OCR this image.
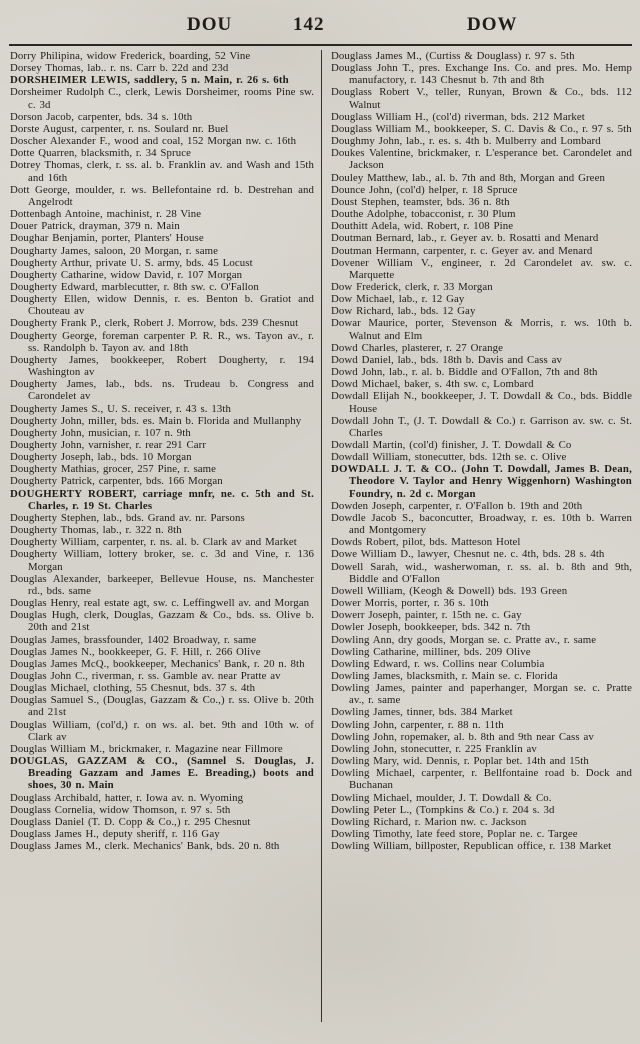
DOU	142	DOW

Dorry Philipina, widow Frederick, boarding, 52 Vine

Dorsey Thomas, lab.. r. ns. Carr b. 22d and 23d

DORSHEIMER LEWIS, saddlery, 5 n. Main, r. 26 s. 6th

Dorsheimer Rudolph C., clerk, Lewis Dorsheimer, rooms Pine sw. c. 3d

Dorson Jacob, carpenter, bds. 34 s. 10th

Dorste August, carpenter, r. ns. Soulard nr. Buel

Doscher Alexander F., wood and coal, 152 Morgan nw. c. 16th

Dotte Quarren, blacksmith, r. 34 Spruce

Dotrey Thomas, clerk, r. ss. al. b. Franklin av. and Wash and 15th and 16th

Dott George, moulder, r. ws. Bellefontaine rd. b. Destrehan and Angelrodt

Dottenbagh Antoine, machinist, r. 28 Vine

Douer Patrick, drayman, 379 n. Main

Doughar Benjamin, porter, Planters' House

Dougharty James, saloon, 20 Morgan, r. same

Dougherty Arthur, private U. S. army, bds. 45 Locust

Dougherty Catharine, widow David, r. 107 Morgan

Dougherty Edward, marblecutter, r. 8th sw. c. O'Fallon

Dougherty Ellen, widow Dennis, r. es. Benton b. Gratiot and Chouteau av

Dougherty Frank P., clerk, Robert J. Morrow, bds. 239 Chesnut

Dougherty George, foreman carpenter P. R. R., ws. Tayon av., r. ss. Randolph b. Tayon av. and 18th

Dougherty James, bookkeeper, Robert Dougherty, r. 194 Washington av

Dougherty James, lab., bds. ns. Trudeau b. Congress and Carondelet av

Dougherty James S., U. S. receiver, r. 43 s. 13th

Dougherty John, miller, bds. es. Main b. Florida and Mullanphy

Dougherty John, musician, r. 107 n. 9th

Dougherty John, varnisher, r. rear 291 Carr

Dougherty Joseph, lab., bds. 10 Morgan

Dougherty Mathias, grocer, 257 Pine, r. same

Dougherty Patrick, carpenter, bds. 166 Morgan

DOUGHERTY ROBERT, carriage mnfr, ne. c. 5th and St. Charles, r. 19 St. Charles

Dougherty Stephen, lab., bds. Grand av. nr. Parsons

Dougherty Thomas, lab., r. 322 n. 8th

Dougherty William, carpenter, r. ns. al. b. Clark av and Market

Dougherty William, lottery broker, se. c. 3d and Vine, r. 136 Morgan

Douglas Alexander, barkeeper, Bellevue House, ns. Manchester rd., bds. same

Douglas Henry, real estate agt, sw. c. Leffingwell av. and Morgan

Douglas Hugh, clerk, Douglas, Gazzam & Co., bds. ss. Olive b. 20th and 21st

Douglas James, brassfounder, 1402 Broadway, r. same

Douglas James N., bookkeeper, G. F. Hill, r. 266 Olive

Douglas James McQ., bookkeeper, Mechanics' Bank, r. 20 n. 8th

Douglas John C., riverman, r. ss. Gamble av. near Pratte av

Douglas Michael, clothing, 55 Chesnut, bds. 37 s. 4th

Douglas Samuel S., (Douglas, Gazzam & Co.,) r. ss. Olive b. 20th and 21st

Douglas William, (col'd,) r. on ws. al. bet. 9th and 10th w. of Clark av

Douglas William M., brickmaker, r. Magazine near Fillmore

DOUGLAS, GAZZAM & CO., (Samnel S. Douglas, J. Breading Gazzam and James E. Breading,) boots and shoes, 30 n. Main

Douglass Archibald, hatter, r. Iowa av. n. Wyoming

Douglass Cornelia, widow Thomson, r. 97 s. 5th

Douglass Daniel (T. D. Copp & Co.,) r. 295 Chesnut

Douglass James H., deputy sheriff, r. 116 Gay

Douglass James M., clerk. Mechanics' Bank, bds. 20 n. 8th

Douglass James M., (Curtiss & Douglass) r. 97 s. 5th

Douglass John T., pres. Exchange Ins. Co. and pres. Mo. Hemp manufactory, r. 143 Chesnut b. 7th and 8th

Douglass Robert V., teller, Runyan, Brown & Co., bds. 112 Walnut

Douglass William H., (col'd) riverman, bds. 212 Market

Douglass William M., bookkeeper, S. C. Davis & Co., r. 97 s. 5th

Doughmy John, lab., r. es. s. 4th b. Mulberry and Lombard

Doukes Valentine, brickmaker, r. L'esperance bet. Carondelet and Jackson

Douley Matthew, lab., al. b. 7th and 8th, Morgan and Green

Dounce John, (col'd) helper, r. 18 Spruce

Doust Stephen, teamster, bds. 36 n. 8th

Douthe Adolphe, tobacconist, r. 30 Plum

Douthitt Adela, wid. Robert, r. 108 Pine

Doutman Bernard, lab., r. Geyer av. b. Rosatti and Menard

Doutman Hermann, carpenter, r. c. Geyer av. and Menard

Dovener William V., engineer, r. 2d Carondelet av. sw. c. Marquette

Dow Frederick, clerk, r. 33 Morgan

Dow Michael, lab., r. 12 Gay

Dow Richard, lab., bds. 12 Gay

Dowar Maurice, porter, Stevenson & Morris, r. ws. 10th b. Walnut and Elm

Dowd Charles, plasterer, r. 27 Orange

Dowd Daniel, lab., bds. 18th b. Davis and Cass av

Dowd John, lab., r. al. b. Biddle and O'Fallon, 7th and 8th

Dowd Michael, baker, s. 4th sw. c, Lombard

Dowdall Elijah N., bookkeeper, J. T. Dowdall & Co., bds. Biddle House

Dowdall John T., (J. T. Dowdall & Co.) r. Garrison av. sw. c. St. Charles

Dowdall Martin, (col'd) finisher, J. T. Dowdall & Co

Dowdall William, stonecutter, bds. 12th se. c. Olive

DOWDALL J. T. & CO.. (John T. Dowdall, James B. Dean, Theodore V. Taylor and Henry Wiggenhorn) Washington Foundry, n. 2d c. Morgan

Dowden Joseph, carpenter, r. O'Fallon b. 19th and 20th

Dowdle Jacob S., baconcutter, Broadway, r. es. 10th b. Warren and Montgomery

Dowds Robert, pilot, bds. Matteson Hotel

Dowe William D., lawyer, Chesnut ne. c. 4th, bds. 28 s. 4th

Dowell Sarah, wid., washerwoman, r. ss. al. b. 8th and 9th, Biddle and O'Fallon

Dowell William, (Keogh & Dowell) bds. 193 Green

Dower Morris, porter, r. 36 s. 10th

Dowerr Joseph, painter, r. 15th ne. c. Gay

Dowler Joseph, bookkeeper, bds. 342 n. 7th

Dowling Ann, dry goods, Morgan se. c. Pratte av., r. same

Dowling Catharine, milliner, bds. 209 Olive

Dowling Edward, r. ws. Collins near Columbia

Dowling James, blacksmith, r. Main se. c. Florida

Dowling James, painter and paperhanger, Morgan se. c. Pratte av., r. same

Dowling James, tinner, bds. 384 Market

Dowling John, carpenter, r. 88 n. 11th

Dowling John, ropemaker, al. b. 8th and 9th near Cass av

Dowling John, stonecutter, r. 225 Franklin av

Dowling Mary, wid. Dennis, r. Poplar bet. 14th and 15th

Dowling Michael, carpenter, r. Bellfontaine road b. Dock and Buchanan

Dowling Michael, moulder, J. T. Dowdall & Co.

Dowling Peter L., (Tompkins & Co.) r. 204 s. 3d

Dowling Richard, r. Marion nw. c. Jackson

Dowling Timothy, late feed store, Poplar ne. c. Targee

Dowling William, billposter, Republican office, r. 138 Market
